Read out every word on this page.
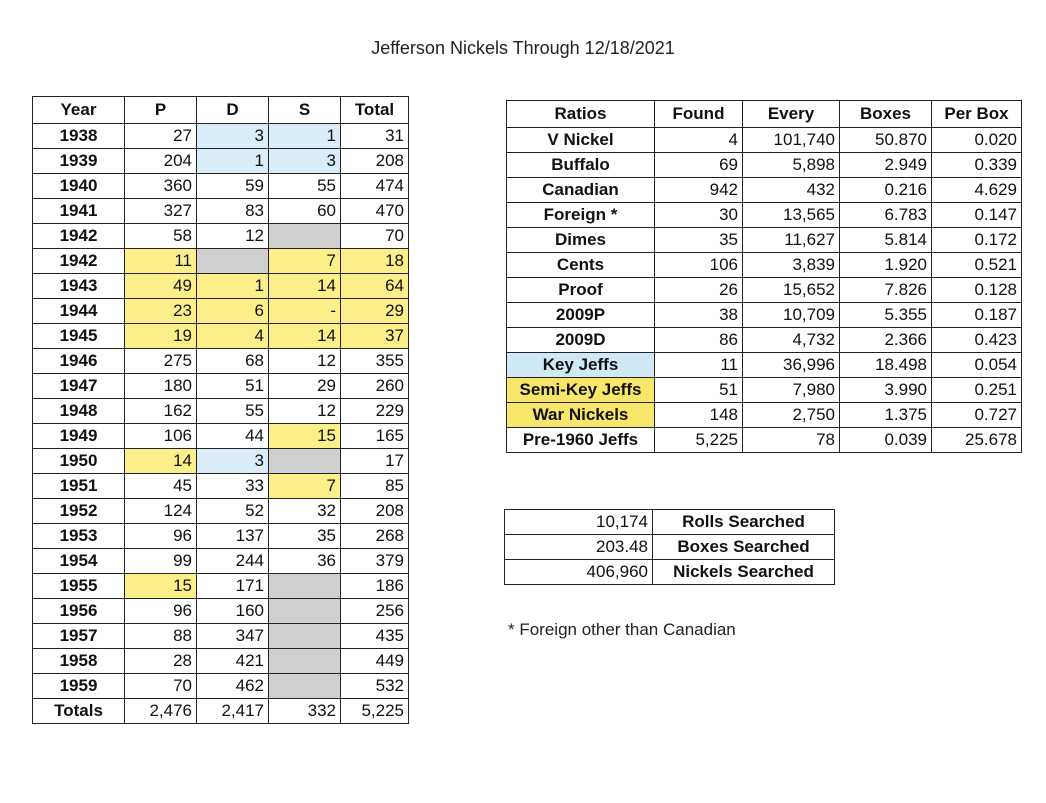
Jefferson Nickels Through 12/18/2021
Year	P	D	S	Total
1938	27	3	1	31
1939	204	1	3	208
1940	360	59	55	474
1941	327	83	60	470
1942	58	12		70
1942	11		7	18
1943	49	1	14	64
1944	23	6	-	29
1945	19	4	14	37
1946	275	68	12	355
1947	180	51	29	260
1948	162	55	12	229
1949	106	44	15	165
1950	14	3		17
1951	45	33	7	85
1952	124	52	32	208
1953	96	137	35	268
1954	99	244	36	379
1955	15	171		186
1956	96	160		256
1957	88	347		435
1958	28	421		449
1959	70	462		532
Totals	2,476	2,417	332	5,225
Ratios	Found	Every	Boxes	Per Box
V Nickel	4	101,740	50.870	0.020
Buffalo	69	5,898	2.949	0.339
Canadian	942	432	0.216	4.629
Foreign *	30	13,565	6.783	0.147
Dimes	35	11,627	5.814	0.172
Cents	106	3,839	1.920	0.521
Proof	26	15,652	7.826	0.128
2009P	38	10,709	5.355	0.187
2009D	86	4,732	2.366	0.423
Key Jeffs	11	36,996	18.498	0.054
Semi-Key Jeffs	51	7,980	3.990	0.251
War Nickels	148	2,750	1.375	0.727
Pre-1960 Jeffs	5,225	78	0.039	25.678
10,174	Rolls Searched
203.48	Boxes Searched
406,960	Nickels Searched
* Foreign other than Canadian
